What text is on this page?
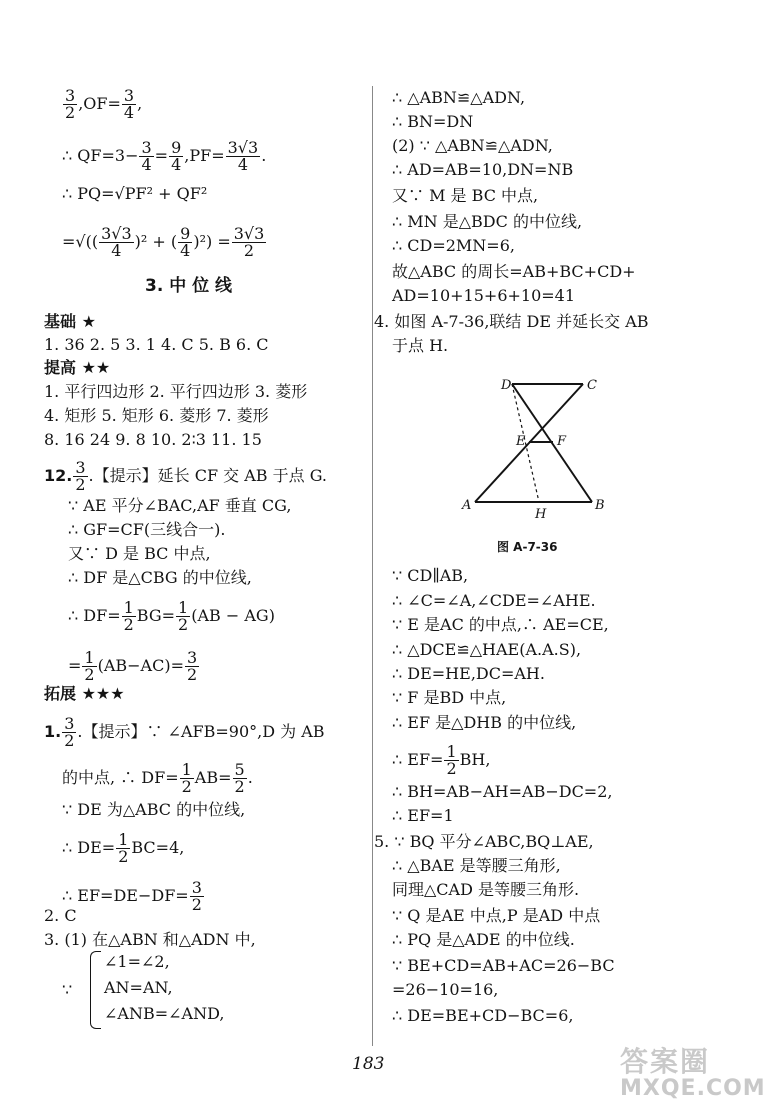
$\frac{3}{2} ,OF= \frac{3}{4}$ ,
∴ $QF=3- \frac{3}{4} = \frac{9}{4} ,PF= \frac{3√3}{4}$ .
∴ PQ=√PF² + QF²
=√(( $\frac{3√3}{4} )^2$ + ( $\frac{9}{4} )^2) = \frac{3√3}{2}$
3. 中 位 线
基础 ★
1. 36 2. 5 3. 1 4. C 5. B 6. C
提高 ★★
1. 平行四边形 2. 平行四边形 3. 菱形
4. 矩形 5. 矩形 6. 菱形 7. 菱形
8. 16 24 9. 8 10. 2∶3 11. 15
12. $\frac{3}{2}$ .【提示】延长 CF 交 AB 于点 G.
∵ AE 平分∠BAC,AF 垂直 CG,
∴ GF=CF(三线合一).
又∵ D 是 BC 中点,
∴ DF 是△CBG 的中位线,
∴ $DF= \frac{1}{2} BG= \frac{1}{2} (AB - AG)$
= $\frac{1}{2} (AB-AC)= \frac{3}{2}$
拓展 ★★★
1. $\frac{3}{2}$ .【提示】∵ ∠AFB=90°,D 为 AB
的中点, ∴ $DF= \frac{1}{2} AB= \frac{5}{2}$ .
∵ DE 为△ABC 的中位线,
∴ $DE= \frac{1}{2} BC=4$,
∴ $EF=DE-DF= \frac{3}{2}$
2. C
3. (1) 在△ABN 和△ADN 中,
∵
∠1=∠2,
AN=AN,
∠ANB=∠AND,
∴ △ABN≌△ADN,
∴ BN=DN
(2) ∵ △ABN≌△ADN,
∴ AD=AB=10,DN=NB
又∵ M 是 BC 中点,
∴ MN 是△BDC 的中位线,
∴ CD=2MN=6,
故△ABC 的周长=AB+BC+CD+
AD=10+15+6+10=41
4. 如图 A-7-36,联结 DE 并延长交 AB
于点 H.
D	C
E F
A
H
B
图 A-7-36
∵ CD∥AB,
∴ ∠C=∠A,∠CDE=∠AHE.
∵ E 是AC 的中点,∴ AE=CE,
∴ △DCE≌△HAE(A.A.S),
∴ DE=HE,DC=AH.
∵ F 是BD 中点,
∴ EF 是△DHB 的中位线,
∴ $EF= \frac{1}{2}$ BH,
∴ BH=AB−AH=AB−DC=2,
∴ EF=1
5. ∵ BQ 平分∠ABC,BQ⊥AE,
∴ △BAE 是等腰三角形,
同理△CAD 是等腰三角形.
∵ Q 是AE 中点,P 是AD 中点
∴ PQ 是△ADE 的中位线.
∵ BE+CD=AB+AC=26−BC
=26−10=16,
∴ DE=BE+CD−BC=6,
183	答案圈
MXQE.COM
